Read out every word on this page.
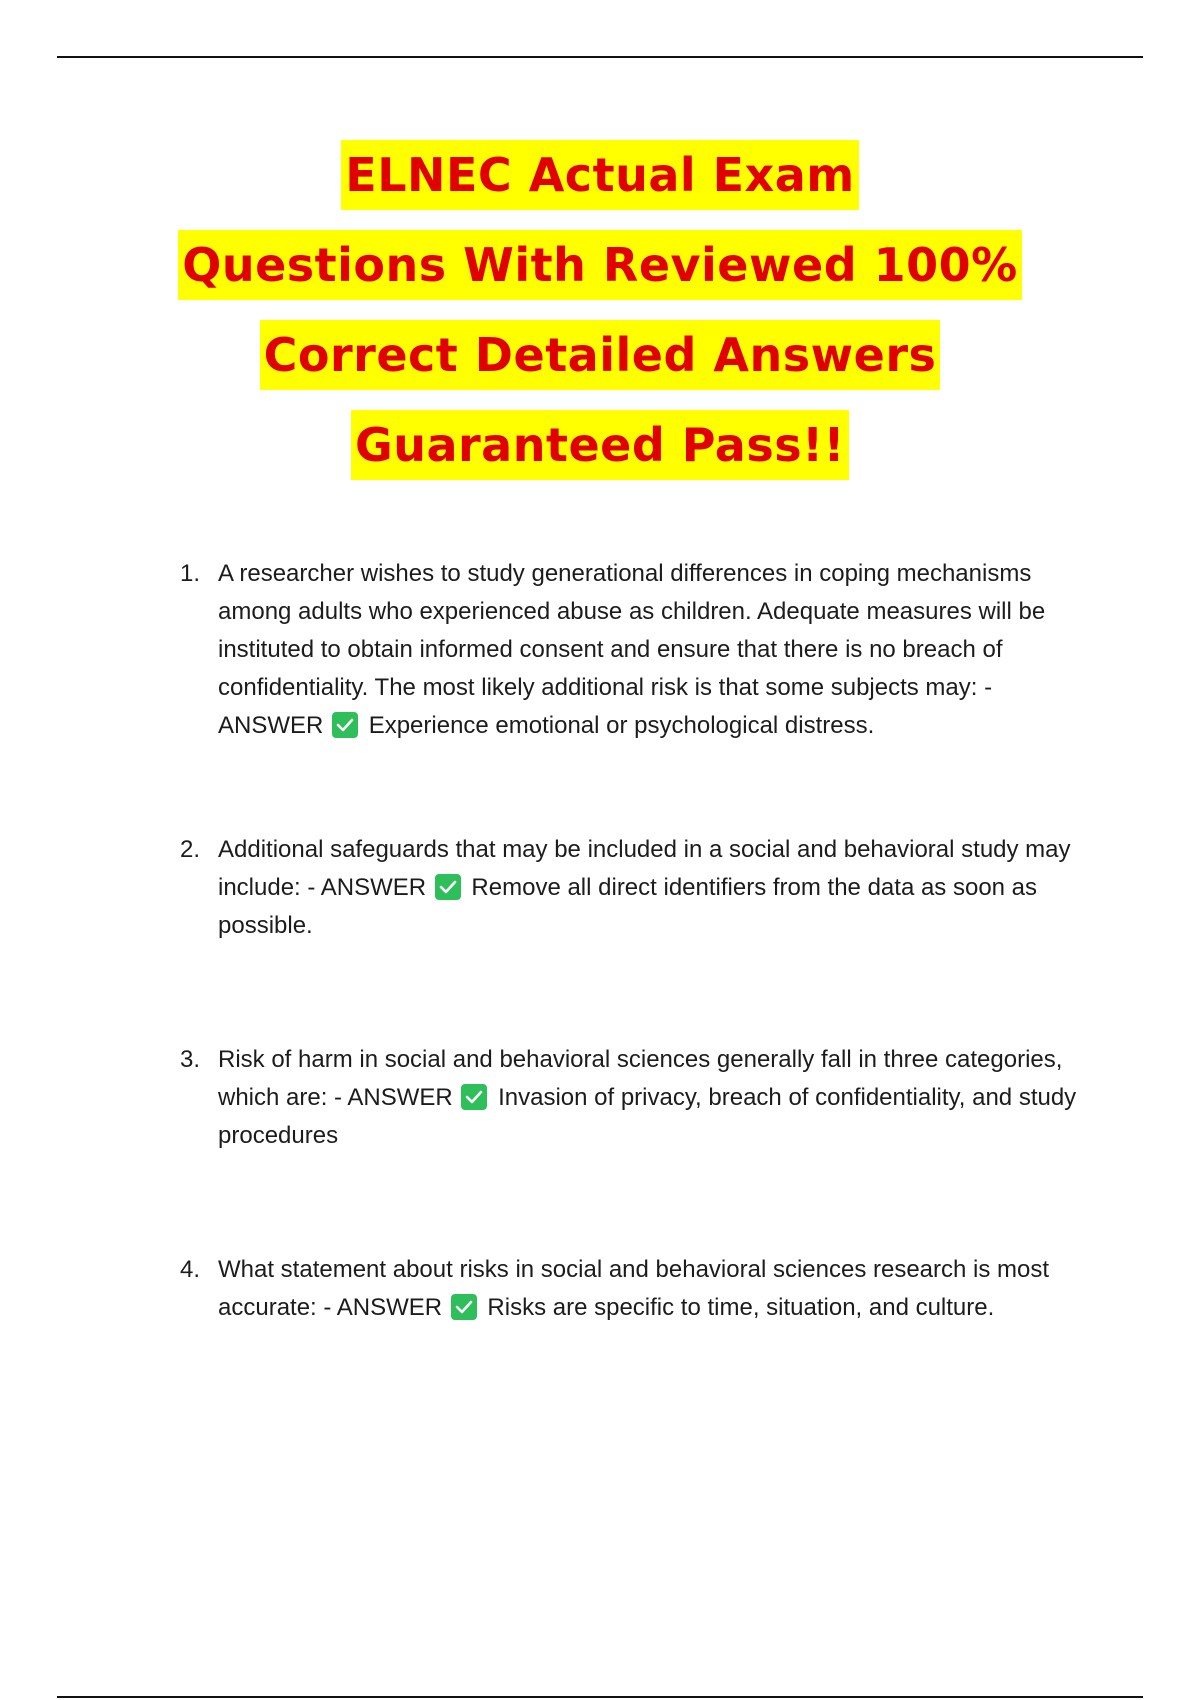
ELNEC Actual Exam
Questions With Reviewed 100%
Correct Detailed Answers
Guaranteed Pass!!
1. A researcher wishes to study generational differences in coping mechanisms among adults who experienced abuse as children. Adequate measures will be instituted to obtain informed consent and ensure that there is no breach of confidentiality. The most likely additional risk is that some subjects may: - ANSWER Experience emotional or psychological distress.
2. Additional safeguards that may be included in a social and behavioral study may include: - ANSWER Remove all direct identifiers from the data as soon as possible.
3. Risk of harm in social and behavioral sciences generally fall in three categories, which are: - ANSWER Invasion of privacy, breach of confidentiality, and study procedures
4. What statement about risks in social and behavioral sciences research is most accurate: - ANSWER Risks are specific to time, situation, and culture.
